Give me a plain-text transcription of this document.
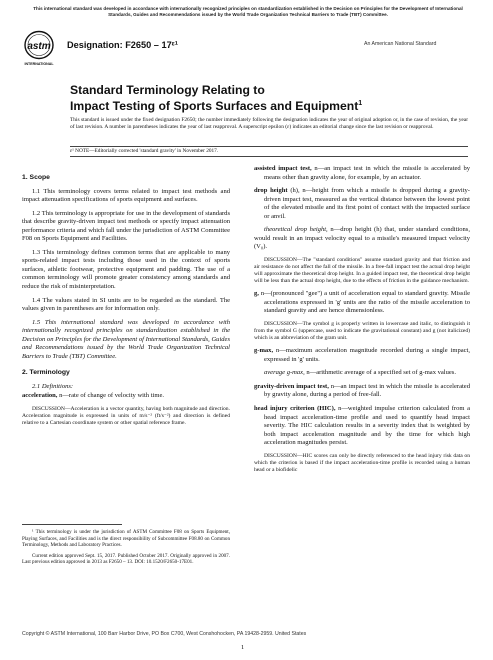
This international standard was developed in accordance with internationally recognized principles on standardization established in the Decision on Principles for the Development of International Standards, Guides and Recommendations issued by the World Trade Organization Technical Barriers to Trade (TBT) Committee.
astm
INTERNATIONAL
Designation: F2650 – 17ᵋ¹	An American National Standard
Standard Terminology Relating to
Impact Testing of Sports Surfaces and Equipment$^1$
This standard is issued under the fixed designation F2650; the number immediately following the designation indicates the year of original adoption or, in the case of revision, the year of last revision. A number in parentheses indicates the year of last reapproval. A superscript epsilon (ε) indicates an editorial change since the last revision or reapproval.
ε¹ NOTE—Editorially corrected 'standard gravity' in November 2017.

1. Scope

1.1 This terminology covers terms related to impact test methods and impact attenuation specifications of sports equipment and surfaces.

1.2 This terminology is appropriate for use in the development of standards that describe gravity-driven impact test methods or specify impact attenuation performance criteria and which fall under the jurisdiction of ASTM Committee F08 on Sports Equipment and Facilities.

1.3 This terminology defines common terms that are applicable to many sports-related impact tests including those used in the context of sports surfaces, athletic footwear, protective equipment and padding. The use of a common terminology will promote greater consistency among standards and reduce the risk of misinterpretation.

1.4 The values stated in SI units are to be regarded as the standard. The values given in parentheses are for information only.

1.5 This international standard was developed in accordance with internationally recognized principles on standardization established in the Decision on Principles for the Development of International Standards, Guides and Recommendations issued by the World Trade Organization Technical Barriers to Trade (TBT) Committee.

2. Terminology

2.1 Definitions:

acceleration, n—rate of change of velocity with time.

DISCUSSION—Acceleration is a vector quantity, having both magnitude and direction. Acceleration magnitude is expressed in units of m/s⁻² (ft/s⁻²) and direction is defined relative to a Cartesian coordinate system or other spatial reference frame.

¹ This terminology is under the jurisdiction of ASTM Committee F08 on Sports Equipment, Playing Surfaces, and Facilities and is the direct responsibility of Subcommittee F08.80 on Common Terminology, Methods and Laboratory Practices.

Current edition approved Sept. 15, 2017. Published October 2017. Originally approved in 2007. Last previous edition approved in 2013 as F2650 – 13. DOI: 10.1520/F2650-17E01.

assisted impact test, n—an impact test in which the missile is accelerated by means other than gravity alone, for example, by an actuator.

drop height (h), n—height from which a missile is dropped during a gravity-driven impact test, measured as the vertical distance between the lowest point of the elevated missile and its first point of contact with the impacted surface or anvil.

theoretical drop height, n—drop height (h) that, under standard conditions, would result in an impact velocity equal to a missile's measured impact velocity (V₀).

DISCUSSION—The "standard conditions" assume standard gravity and that friction and air resistance do not affect the fall of the missile. In a free-fall impact test the actual drop height will approximate the theoretical drop height. In a guided impact test, the theoretical drop height will be less than the actual drop height, due to the effects of friction in the guidance mechanism.

g, n—(pronounced "gee") a unit of acceleration equal to standard gravity. Missile accelerations expressed in 'g' units are the ratio of the missile acceleration to standard gravity and are hence dimensionless.

DISCUSSION—The symbol g is properly written in lowercase and italic, to distinguish it from the symbol G (uppercase, used to indicate the gravitational constant) and g (not italicized) which is an abbreviation of the gram unit.

g-max, n—maximum acceleration magnitude recorded during a single impact, expressed in 'g' units.

average g-max, n—arithmetic average of a specified set of g-max values.

gravity-driven impact test, n—an impact test in which the missile is accelerated by gravity alone, during a period of free-fall.

head injury criterion (HIC), n—weighted impulse criterion calculated from a head impact acceleration-time profile and used to quantify head impact severity. The HIC calculation results in a severity index that is weighted by both impact acceleration magnitude and by the time for which high acceleration magnitudes persist.

DISCUSSION—HIC scores can only be directly referenced to the head injury risk data on which the criterion is based if the impact acceleration-time profile is recorded using a human head or a biofidelic

Copyright © ASTM International, 100 Barr Harbor Drive, PO Box C700, West Conshohocken, PA 19428-2959. United States
1
